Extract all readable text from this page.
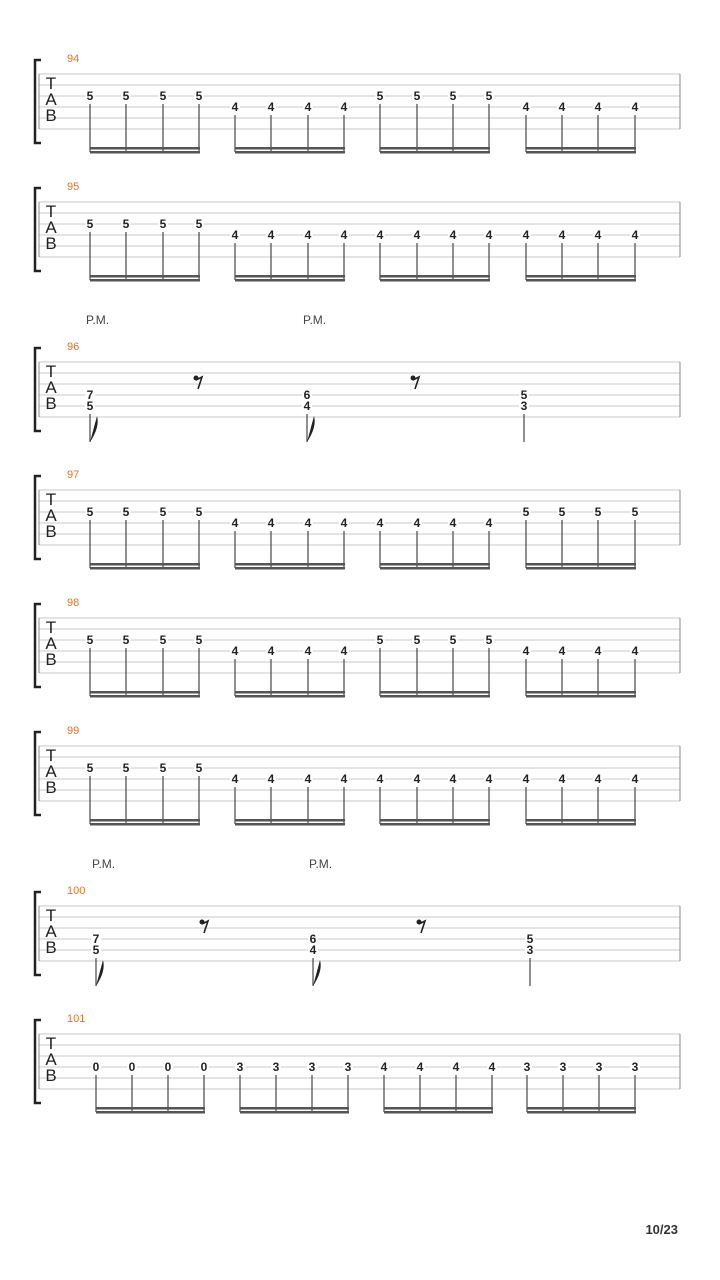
T
A
B
94
5 5	5 5
4 4	4 4
5	5 5 5
4 4 4	4
T
A
B
95
5 5	5 5
4 4	4 4 4	4 4 4	4 4 4	4
T
A
B
96
P.M.	P.M.
7
5
6
4
5
3
T
A
B
97
5 5	5 5
4 4	4 4 4	4 4 4
5 5 5	5
T
A
B
98
5 5	5 5
4 4	4 4
5	5 5 5
4 4 4	4
T
A
B
99
5 5	5 5
4 4	4 4 4	4 4 4	4 4 4	4
T
A
B
100
P.M.	P.M.
7
5
6
4
5
3
T
A
B
101
0 0 0 0 3 3 3 3 4 4 4 4 3 3 3 3
10/23
